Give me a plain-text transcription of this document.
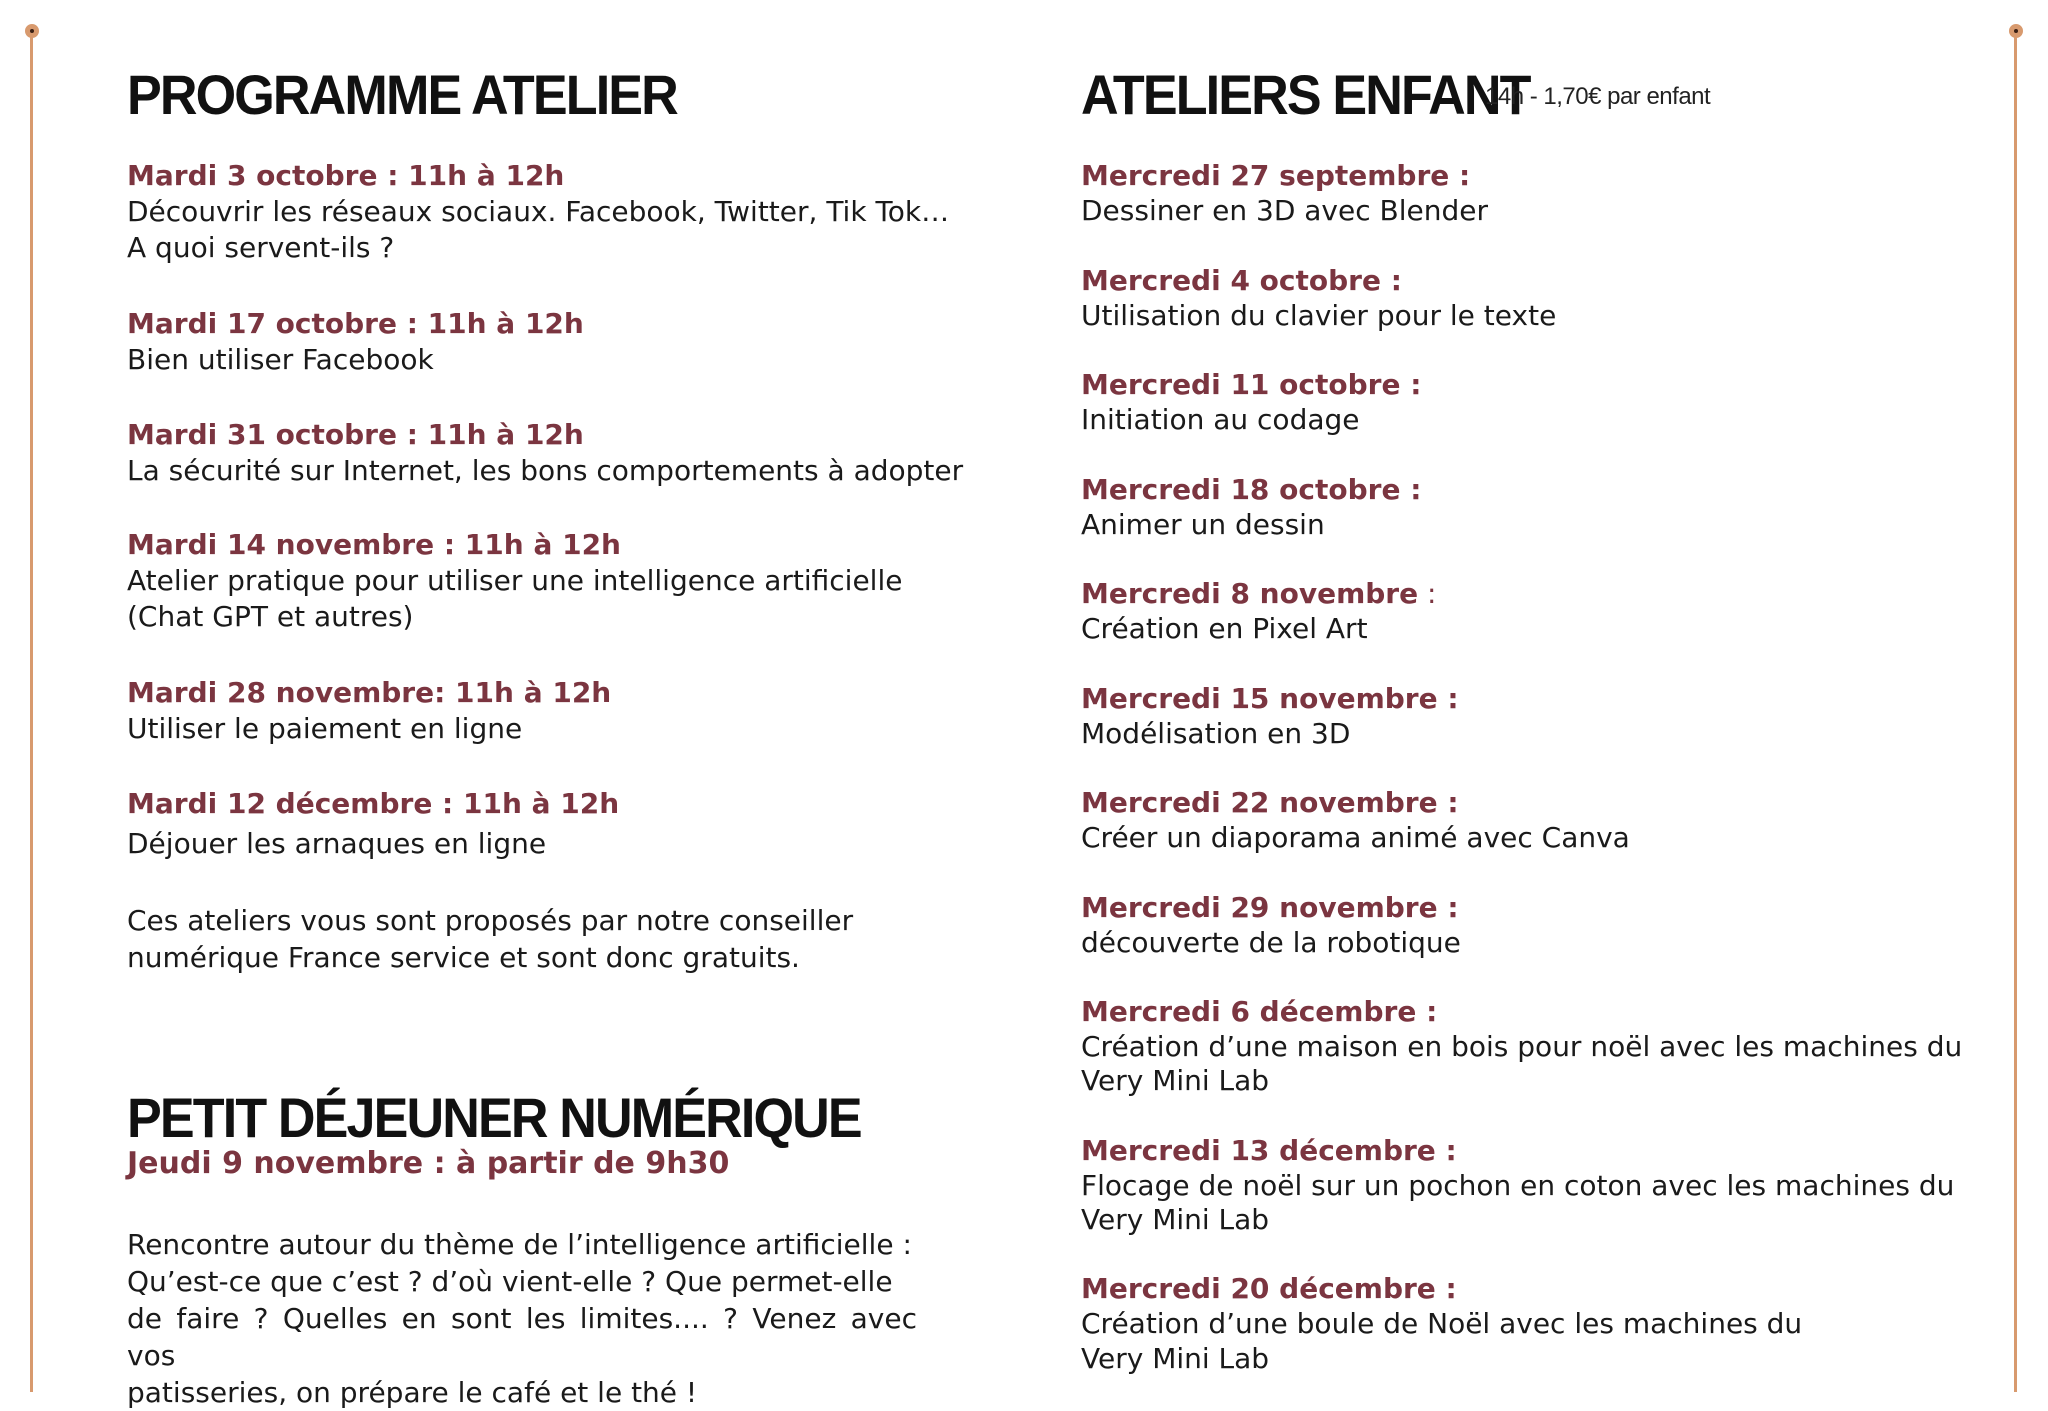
PROGRAMME ATELIER
Mardi 3 octobre : 11h à 12h
Découvrir les réseaux sociaux. Facebook, Twitter, Tik Tok…
A quoi servent-ils ?
Mardi 17 octobre : 11h à 12h
Bien utiliser Facebook
Mardi 31 octobre : 11h à 12h
La sécurité sur Internet, les bons comportements à adopter
Mardi 14 novembre : 11h à 12h
Atelier pratique pour utiliser une intelligence artificielle
(Chat GPT et autres)
Mardi 28 novembre: 11h à 12h
Utiliser le paiement en ligne
Mardi 12 décembre : 11h à 12h
Déjouer les arnaques en ligne
Ces ateliers vous sont proposés par notre conseiller
numérique France service et sont donc gratuits.
PETIT DÉJEUNER NUMÉRIQUE
Jeudi 9 novembre : à partir de 9h30
Rencontre autour du thème de l’intelligence artificielle :
Qu’est-ce que c’est ? d’où vient-elle ? Que permet-elle
de faire ? Quelles en sont les limites.... ? Venez avec vos
patisseries, on prépare le café et le thé !
ATELIERS ENFANT
14h - 1,70€ par enfant
Mercredi 27 septembre :
Dessiner en 3D avec Blender
Mercredi 4 octobre :
Utilisation du clavier pour le texte
Mercredi 11 octobre :
Initiation au codage
Mercredi 18 octobre :
Animer un dessin
Mercredi 8 novembre :
Création en Pixel Art
Mercredi 15 novembre :
Modélisation en 3D
Mercredi 22 novembre :
Créer un diaporama animé avec Canva
Mercredi 29 novembre :
découverte de la robotique
Mercredi 6 décembre :
Création d’une maison en bois pour noël avec les machines du
Very Mini Lab
Mercredi 13 décembre :
Flocage de noël sur un pochon en coton avec les machines du
Very Mini Lab
Mercredi 20 décembre :
Création d’une boule de Noël avec les machines du
Very Mini Lab
